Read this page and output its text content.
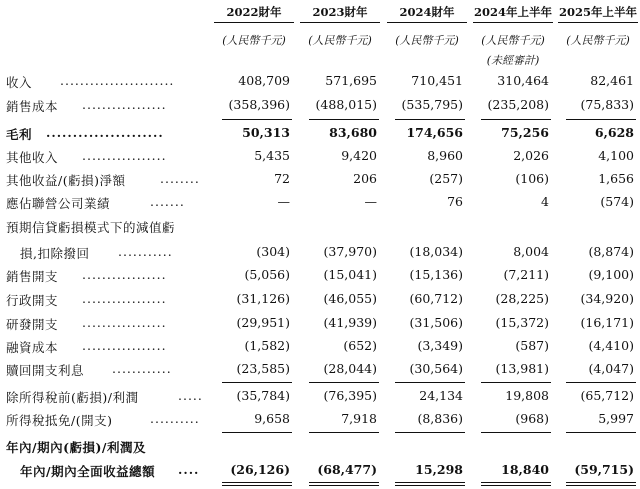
2022財年	2023財年	2024財年	2024年上半年 2025年上半年
(人民幣千元)	(人民幣千元)	(人民幣千元)	(人民幣千元)	(人民幣千元)
(未經審計)
收入 .......................	408,709	571,695	710,451	310,464	82,461
銷售成本 .................	(358,396)	(488,015)	(535,795)	(235,208)	(75,833)
毛利 ......................	50,313	83,680	174,656	75,256	6,628
其他收入 .................	5,435	9,420	8,960	2,026	4,100
其他收益/(虧損)淨額	........	72	206	(257)	(106)	1,656
應佔聯營公司業績	.......	—	—	76	4	(574)
預期信貸虧損模式下的減值虧
損,扣除撥回 ...........	(304)	(37,970)	(18,034)	8,004	(8,874)
銷售開支 .................	(5,056)	(15,041)	(15,136)	(7,211)	(9,100)
行政開支 .................	(31,126)	(46,055)	(60,712)	(28,225)	(34,920)
研發開支 .................	(29,951)	(41,939)	(31,506)	(15,372)	(16,171)
融資成本 .................	(1,582)	(652)	(3,349)	(587)	(4,410)
贖回開支利息 ............	(23,585)	(28,044)	(30,564)	(13,981)	(4,047)
除所得稅前(虧損)/利潤	.....	(35,784)	(76,395)	24,134	19,808	(65,712)
所得稅抵免/(開支)	..........	9,658	7,918	(8,836)	(968)	5,997
年內/期內(虧損)/利潤及
年內/期內全面收益總額 ....	(26,126)	(68,477)	15,298	18,840	(59,715)
